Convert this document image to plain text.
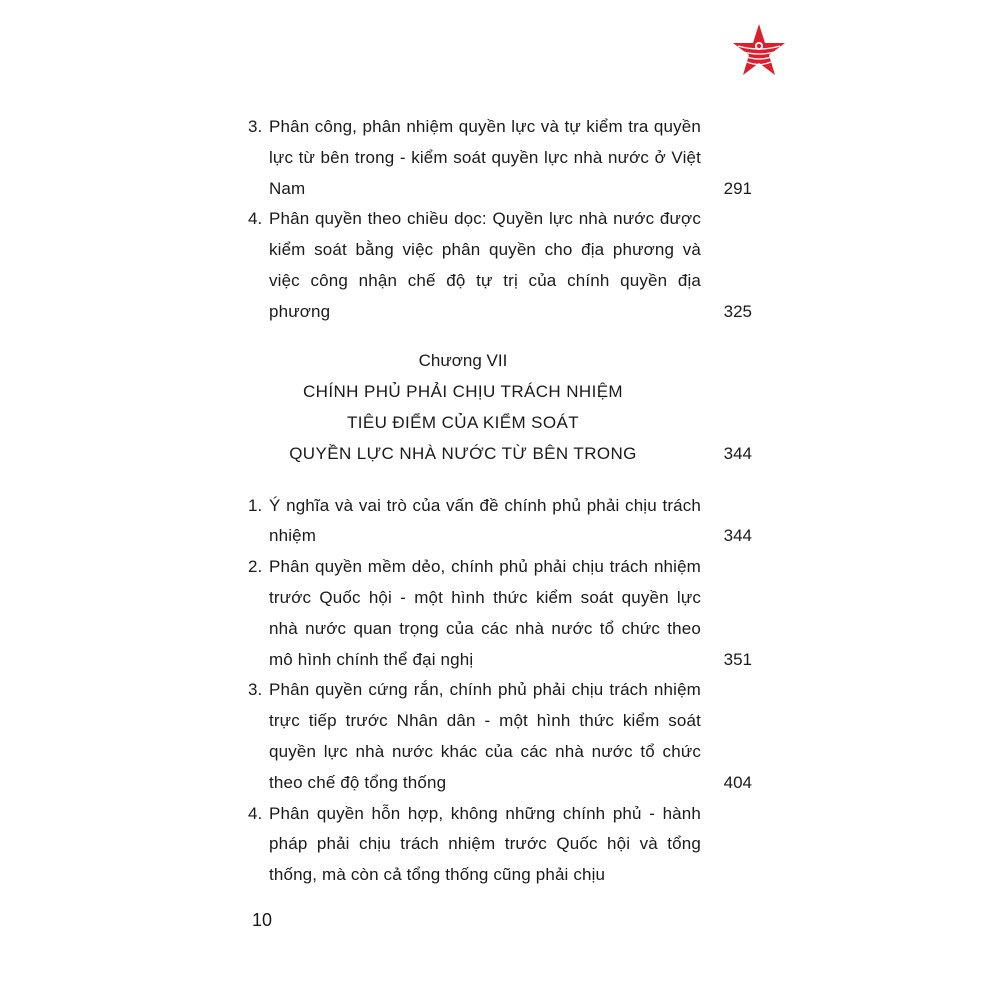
3. Phân công, phân nhiệm quyền lực và tự kiểm tra quyền lực từ bên trong - kiểm soát quyền lực nhà nước ở Việt Nam	291
4. Phân quyền theo chiều dọc: Quyền lực nhà nước được kiểm soát bằng việc phân quyền cho địa phương và việc công nhận chế độ tự trị của chính quyền địa phương	325
Chương VII
CHÍNH PHỦ PHẢI CHỊU TRÁCH NHIỆM
TIÊU ĐIỂM CỦA KIỂM SOÁT
QUYỀN LỰC NHÀ NƯỚC TỪ BÊN TRONG	344
1. Ý nghĩa và vai trò của vấn đề chính phủ phải chịu trách nhiệm	344
2. Phân quyền mềm dẻo, chính phủ phải chịu trách nhiệm trước Quốc hội - một hình thức kiểm soát quyền lực nhà nước quan trọng của các nhà nước tổ chức theo mô hình chính thể đại nghị	351
3. Phân quyền cứng rắn, chính phủ phải chịu trách nhiệm trực tiếp trước Nhân dân - một hình thức kiểm soát quyền lực nhà nước khác của các nhà nước tổ chức theo chế độ tổng thống	404
4. Phân quyền hỗn hợp, không những chính phủ - hành pháp phải chịu trách nhiệm trước Quốc hội và tổng thống, mà còn cả tổng thống cũng phải chịu
10
